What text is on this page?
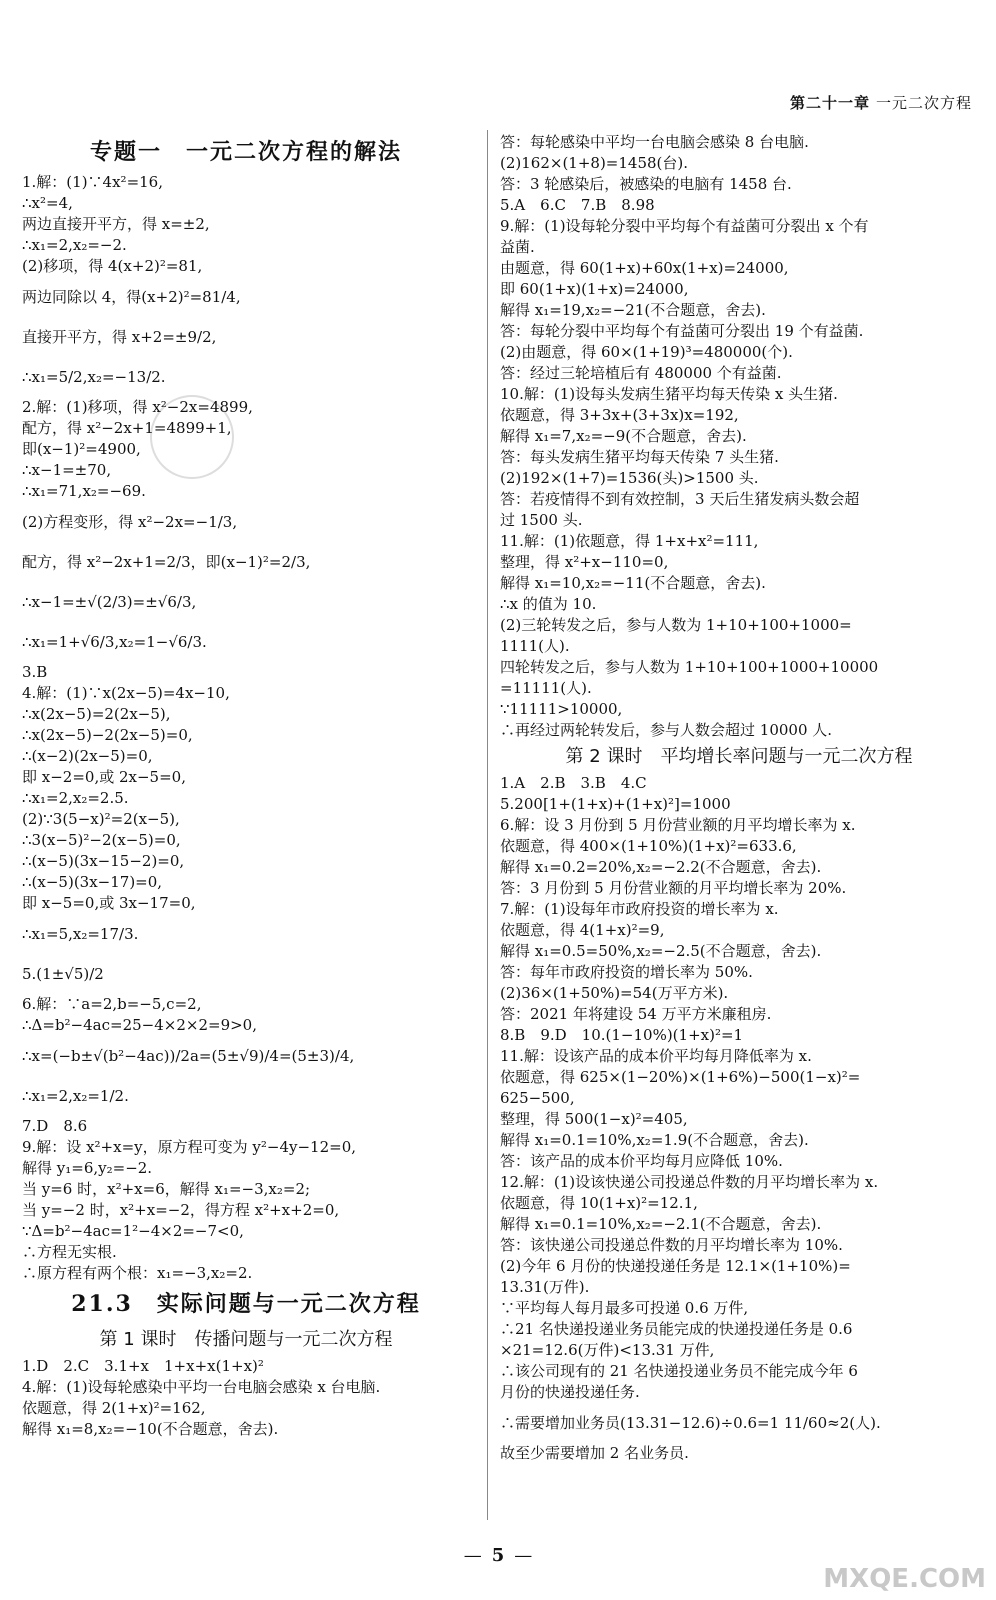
第二十一章 一元二次方程
专题一　一元二次方程的解法
1.解：(1)∵4x²=16,
∴x²=4,
两边直接开平方，得 x=±2,
∴x₁=2,x₂=−2.
(2)移项，得 4(x+2)²=81,
两边同除以 4，得(x+2)²=81/4,
直接开平方，得 x+2=±9/2,
∴x₁=5/2,x₂=−13/2.
2.解：(1)移项，得 x²−2x=4899,
配方，得 x²−2x+1=4899+1,
即(x−1)²=4900,
∴x−1=±70,
∴x₁=71,x₂=−69.
(2)方程变形，得 x²−2x=−1/3,
配方，得 x²−2x+1=2/3，即(x−1)²=2/3,
∴x−1=±√(2/3)=±√6/3,
∴x₁=1+√6/3,x₂=1−√6/3.
3.B
4.解：(1)∵x(2x−5)=4x−10,
∴x(2x−5)=2(2x−5),
∴x(2x−5)−2(2x−5)=0,
∴(x−2)(2x−5)=0,
即 x−2=0,或 2x−5=0,
∴x₁=2,x₂=2.5.
(2)∵3(5−x)²=2(x−5),
∴3(x−5)²−2(x−5)=0,
∴(x−5)(3x−15−2)=0,
∴(x−5)(3x−17)=0,
即 x−5=0,或 3x−17=0,
∴x₁=5,x₂=17/3.
5.(1±√5)/2
6.解：∵a=2,b=−5,c=2,
∴Δ=b²−4ac=25−4×2×2=9>0,
∴x=(−b±√(b²−4ac))/2a=(5±√9)/4=(5±3)/4,
∴x₁=2,x₂=1/2.
7.D　8.6
9.解：设 x²+x=y，原方程可变为 y²−4y−12=0,
解得 y₁=6,y₂=−2.
当 y=6 时，x²+x=6，解得 x₁=−3,x₂=2;
当 y=−2 时，x²+x=−2，得方程 x²+x+2=0,
∵Δ=b²−4ac=1²−4×2=−7<0,
∴方程无实根.
∴原方程有两个根：x₁=−3,x₂=2.
21.3　实际问题与一元二次方程
第 1 课时　传播问题与一元二次方程
1.D　2.C　3.1+x　1+x+x(1+x)²
4.解：(1)设每轮感染中平均一台电脑会感染 x 台电脑.
依题意，得 2(1+x)²=162,
解得 x₁=8,x₂=−10(不合题意，舍去).
答：每轮感染中平均一台电脑会感染 8 台电脑.
(2)162×(1+8)=1458(台).
答：3 轮感染后，被感染的电脑有 1458 台.
5.A　6.C　7.B　8.98
9.解：(1)设每轮分裂中平均每个有益菌可分裂出 x 个有
益菌.
由题意，得 60(1+x)+60x(1+x)=24000,
即 60(1+x)(1+x)=24000,
解得 x₁=19,x₂=−21(不合题意，舍去).
答：每轮分裂中平均每个有益菌可分裂出 19 个有益菌.
(2)由题意，得 60×(1+19)³=480000(个).
答：经过三轮培植后有 480000 个有益菌.
10.解：(1)设每头发病生猪平均每天传染 x 头生猪.
依题意，得 3+3x+(3+3x)x=192,
解得 x₁=7,x₂=−9(不合题意，舍去).
答：每头发病生猪平均每天传染 7 头生猪.
(2)192×(1+7)=1536(头)>1500 头.
答：若疫情得不到有效控制，3 天后生猪发病头数会超
过 1500 头.
11.解：(1)依题意，得 1+x+x²=111,
整理，得 x²+x−110=0,
解得 x₁=10,x₂=−11(不合题意，舍去).
∴x 的值为 10.
(2)三轮转发之后，参与人数为 1+10+100+1000=
1111(人).
四轮转发之后，参与人数为 1+10+100+1000+10000
=11111(人).
∵11111>10000,
∴再经过两轮转发后，参与人数会超过 10000 人.
第 2 课时　平均增长率问题与一元二次方程
1.A　2.B　3.B　4.C
5.200[1+(1+x)+(1+x)²]=1000
6.解：设 3 月份到 5 月份营业额的月平均增长率为 x.
依题意，得 400×(1+10%)(1+x)²=633.6,
解得 x₁=0.2=20%,x₂=−2.2(不合题意，舍去).
答：3 月份到 5 月份营业额的月平均增长率为 20%.
7.解：(1)设每年市政府投资的增长率为 x.
依题意，得 4(1+x)²=9,
解得 x₁=0.5=50%,x₂=−2.5(不合题意，舍去).
答：每年市政府投资的增长率为 50%.
(2)36×(1+50%)=54(万平方米).
答：2021 年将建设 54 万平方米廉租房.
8.B　9.D　10.(1−10%)(1+x)²=1
11.解：设该产品的成本价平均每月降低率为 x.
依题意，得 625×(1−20%)×(1+6%)−500(1−x)²=
625−500,
整理，得 500(1−x)²=405,
解得 x₁=0.1=10%,x₂=1.9(不合题意，舍去).
答：该产品的成本价平均每月应降低 10%.
12.解：(1)设该快递公司投递总件数的月平均增长率为 x.
依题意，得 10(1+x)²=12.1,
解得 x₁=0.1=10%,x₂=−2.1(不合题意，舍去).
答：该快递公司投递总件数的月平均增长率为 10%.
(2)今年 6 月份的快递投递任务是 12.1×(1+10%)=
13.31(万件).
∵平均每人每月最多可投递 0.6 万件,
∴21 名快递投递业务员能完成的快递投递任务是 0.6
×21=12.6(万件)<13.31 万件,
∴该公司现有的 21 名快递投递业务员不能完成今年 6
月份的快递投递任务.
∴需要增加业务员(13.31−12.6)÷0.6=1 11/60≈2(人).
故至少需要增加 2 名业务员.
— 5 —
MXQE.COM
